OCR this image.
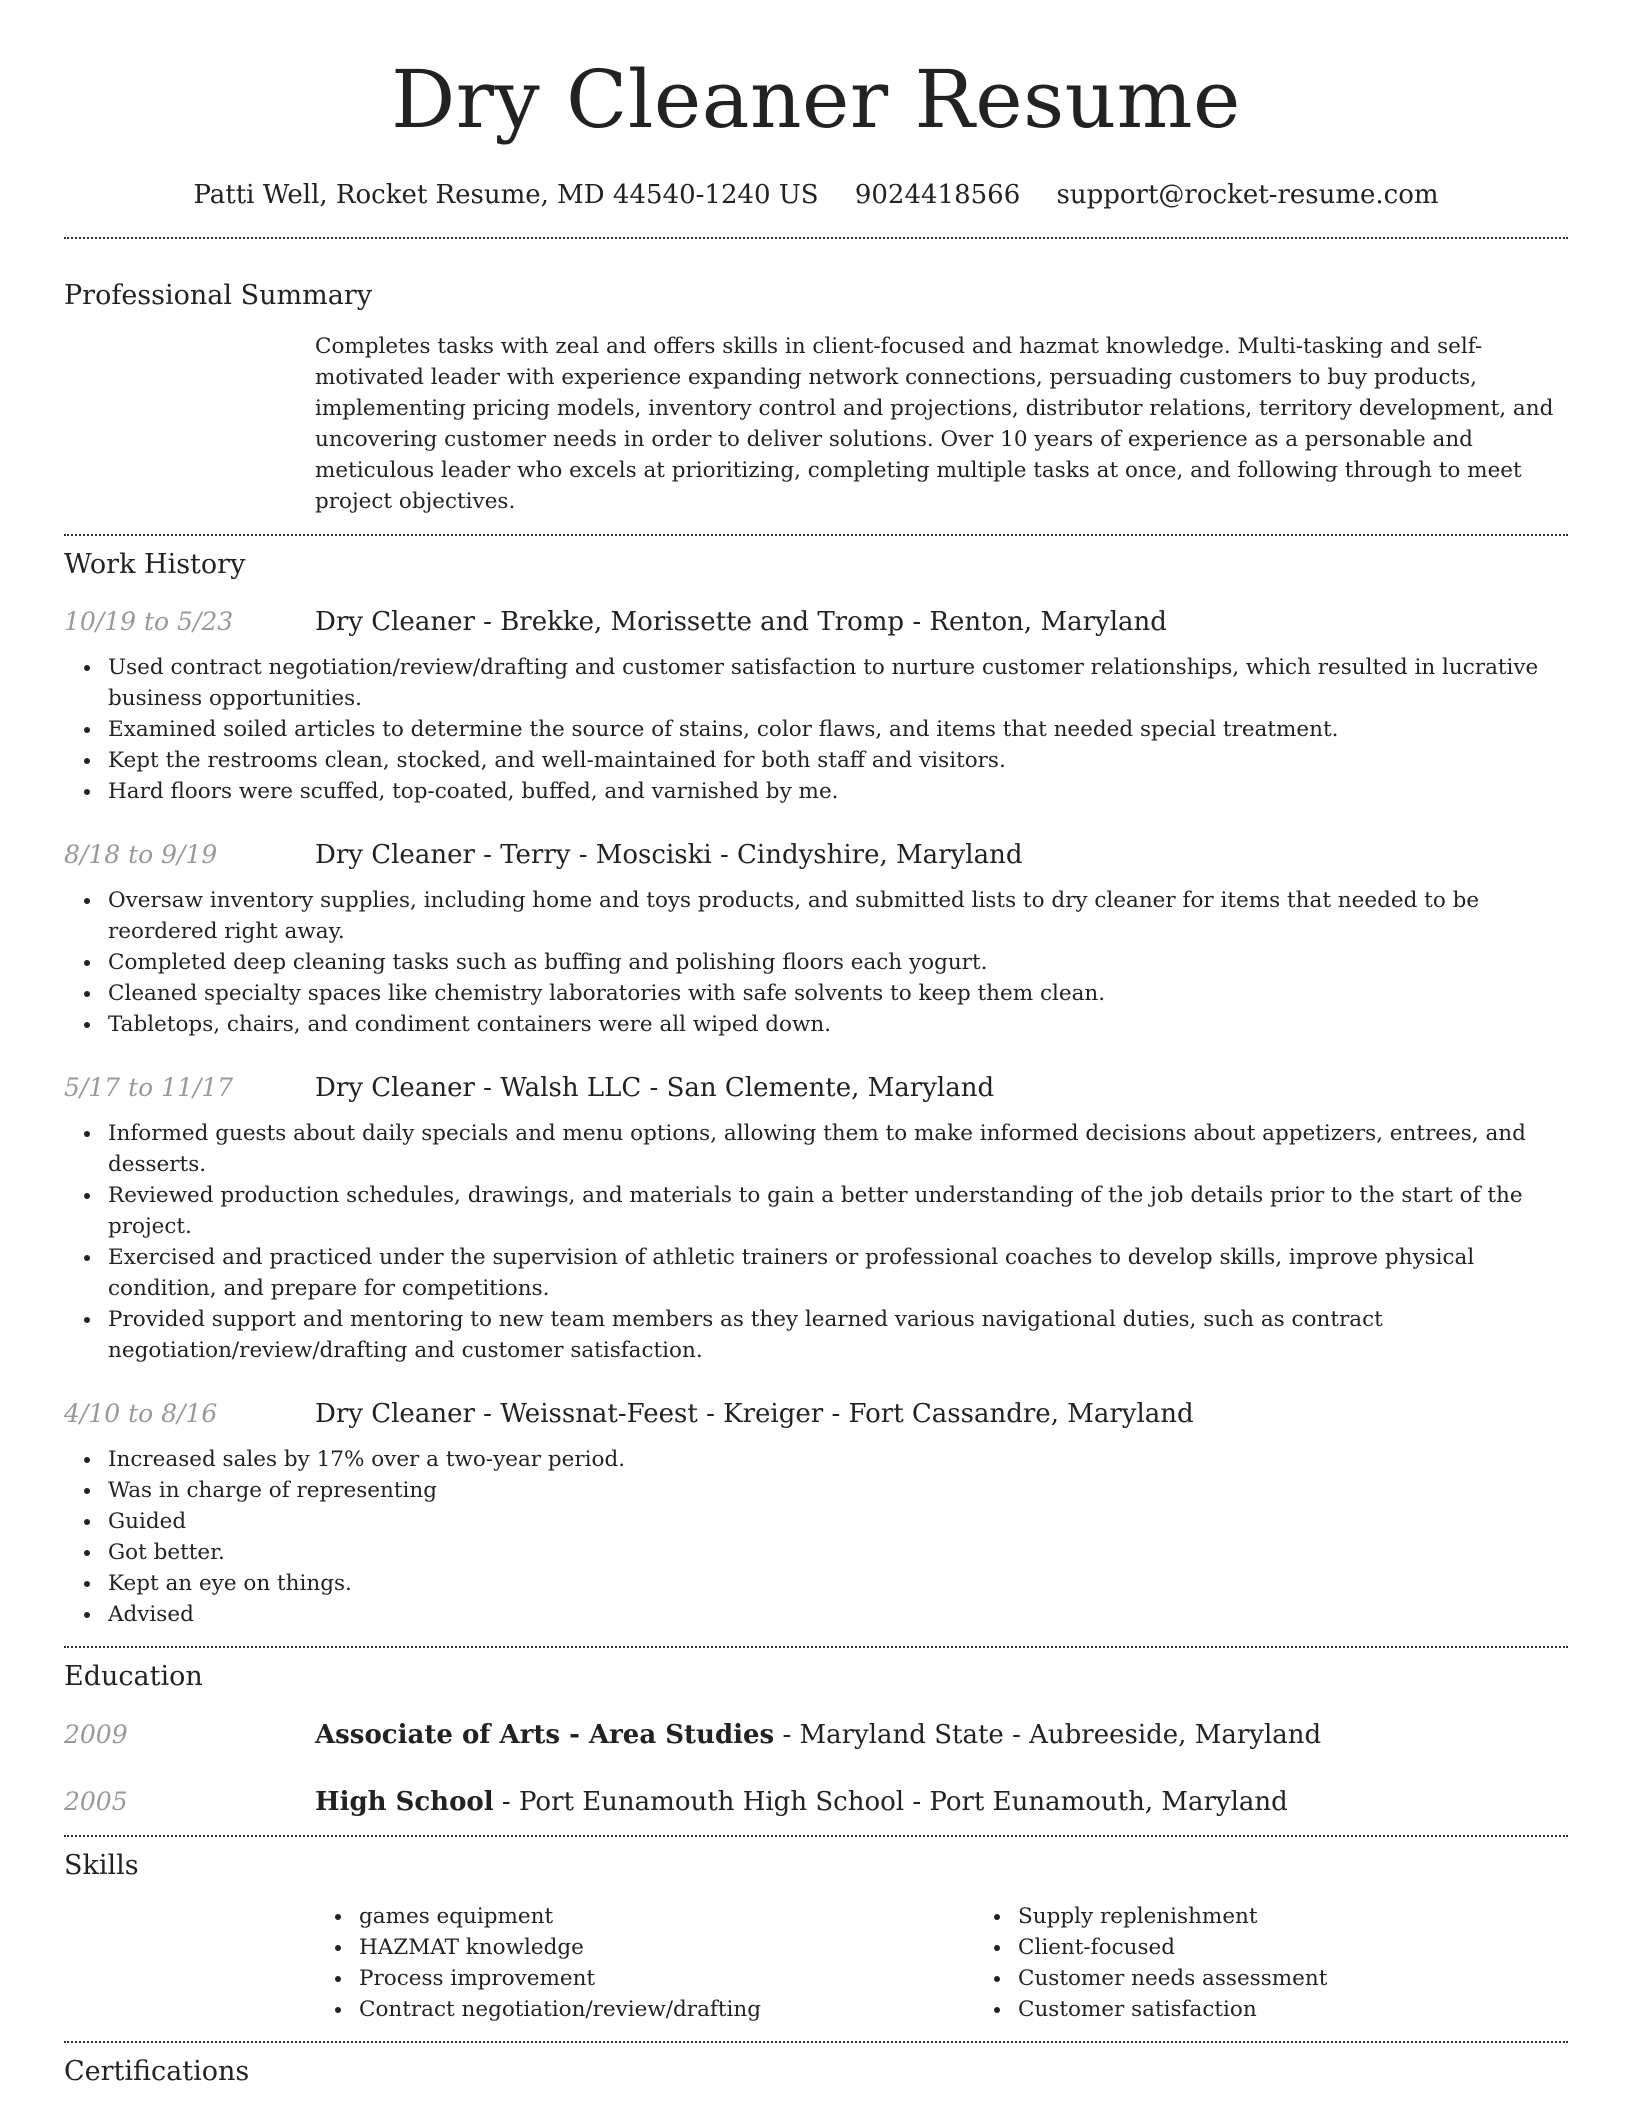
Dry Cleaner Resume
Patti Well, Rocket Resume, MD 44540-1240 US 9024418566 support@rocket-resume.com
Professional Summary

Completes tasks with zeal and offers skills in client-focused and hazmat knowledge. Multi-tasking and self-motivated leader with experience expanding network connections, persuading customers to buy products, implementing pricing models, inventory control and projections, distributor relations, territory development, and uncovering customer needs in order to deliver solutions. Over 10 years of experience as a personable and meticulous leader who excels at prioritizing, completing multiple tasks at once, and following through to meet project objectives.

Work History
10/19 to 5/23	Dry Cleaner - Brekke, Morissette and Tromp - Renton, Maryland
Used contract negotiation/review/drafting and customer satisfaction to nurture customer relationships, which resulted in lucrative business opportunities.
Examined soiled articles to determine the source of stains, color flaws, and items that needed special treatment.
Kept the restrooms clean, stocked, and well-maintained for both staff and visitors.
Hard floors were scuffed, top-coated, buffed, and varnished by me.
8/18 to 9/19	Dry Cleaner - Terry - Mosciski - Cindyshire, Maryland
Oversaw inventory supplies, including home and toys products, and submitted lists to dry cleaner for items that needed to be reordered right away.
Completed deep cleaning tasks such as buffing and polishing floors each yogurt.
Cleaned specialty spaces like chemistry laboratories with safe solvents to keep them clean.
Tabletops, chairs, and condiment containers were all wiped down.
5/17 to 11/17	Dry Cleaner - Walsh LLC - San Clemente, Maryland
Informed guests about daily specials and menu options, allowing them to make informed decisions about appetizers, entrees, and desserts.
Reviewed production schedules, drawings, and materials to gain a better understanding of the job details prior to the start of the project.
Exercised and practiced under the supervision of athletic trainers or professional coaches to develop skills, improve physical condition, and prepare for competitions.
Provided support and mentoring to new team members as they learned various navigational duties, such as contract negotiation/review/drafting and customer satisfaction.
4/10 to 8/16	Dry Cleaner - Weissnat-Feest - Kreiger - Fort Cassandre, Maryland
Increased sales by 17% over a two-year period.
Was in charge of representing
Guided
Got better.
Kept an eye on things.
Advised
Education
2009	Associate of Arts - Area Studies - Maryland State - Aubreeside, Maryland
2005	High School - Port Eunamouth High School - Port Eunamouth, Maryland
Skills
games equipment
HAZMAT knowledge
Process improvement
Contract negotiation/review/drafting
Supply replenishment
Client-focused
Customer needs assessment
Customer satisfaction
Certifications
